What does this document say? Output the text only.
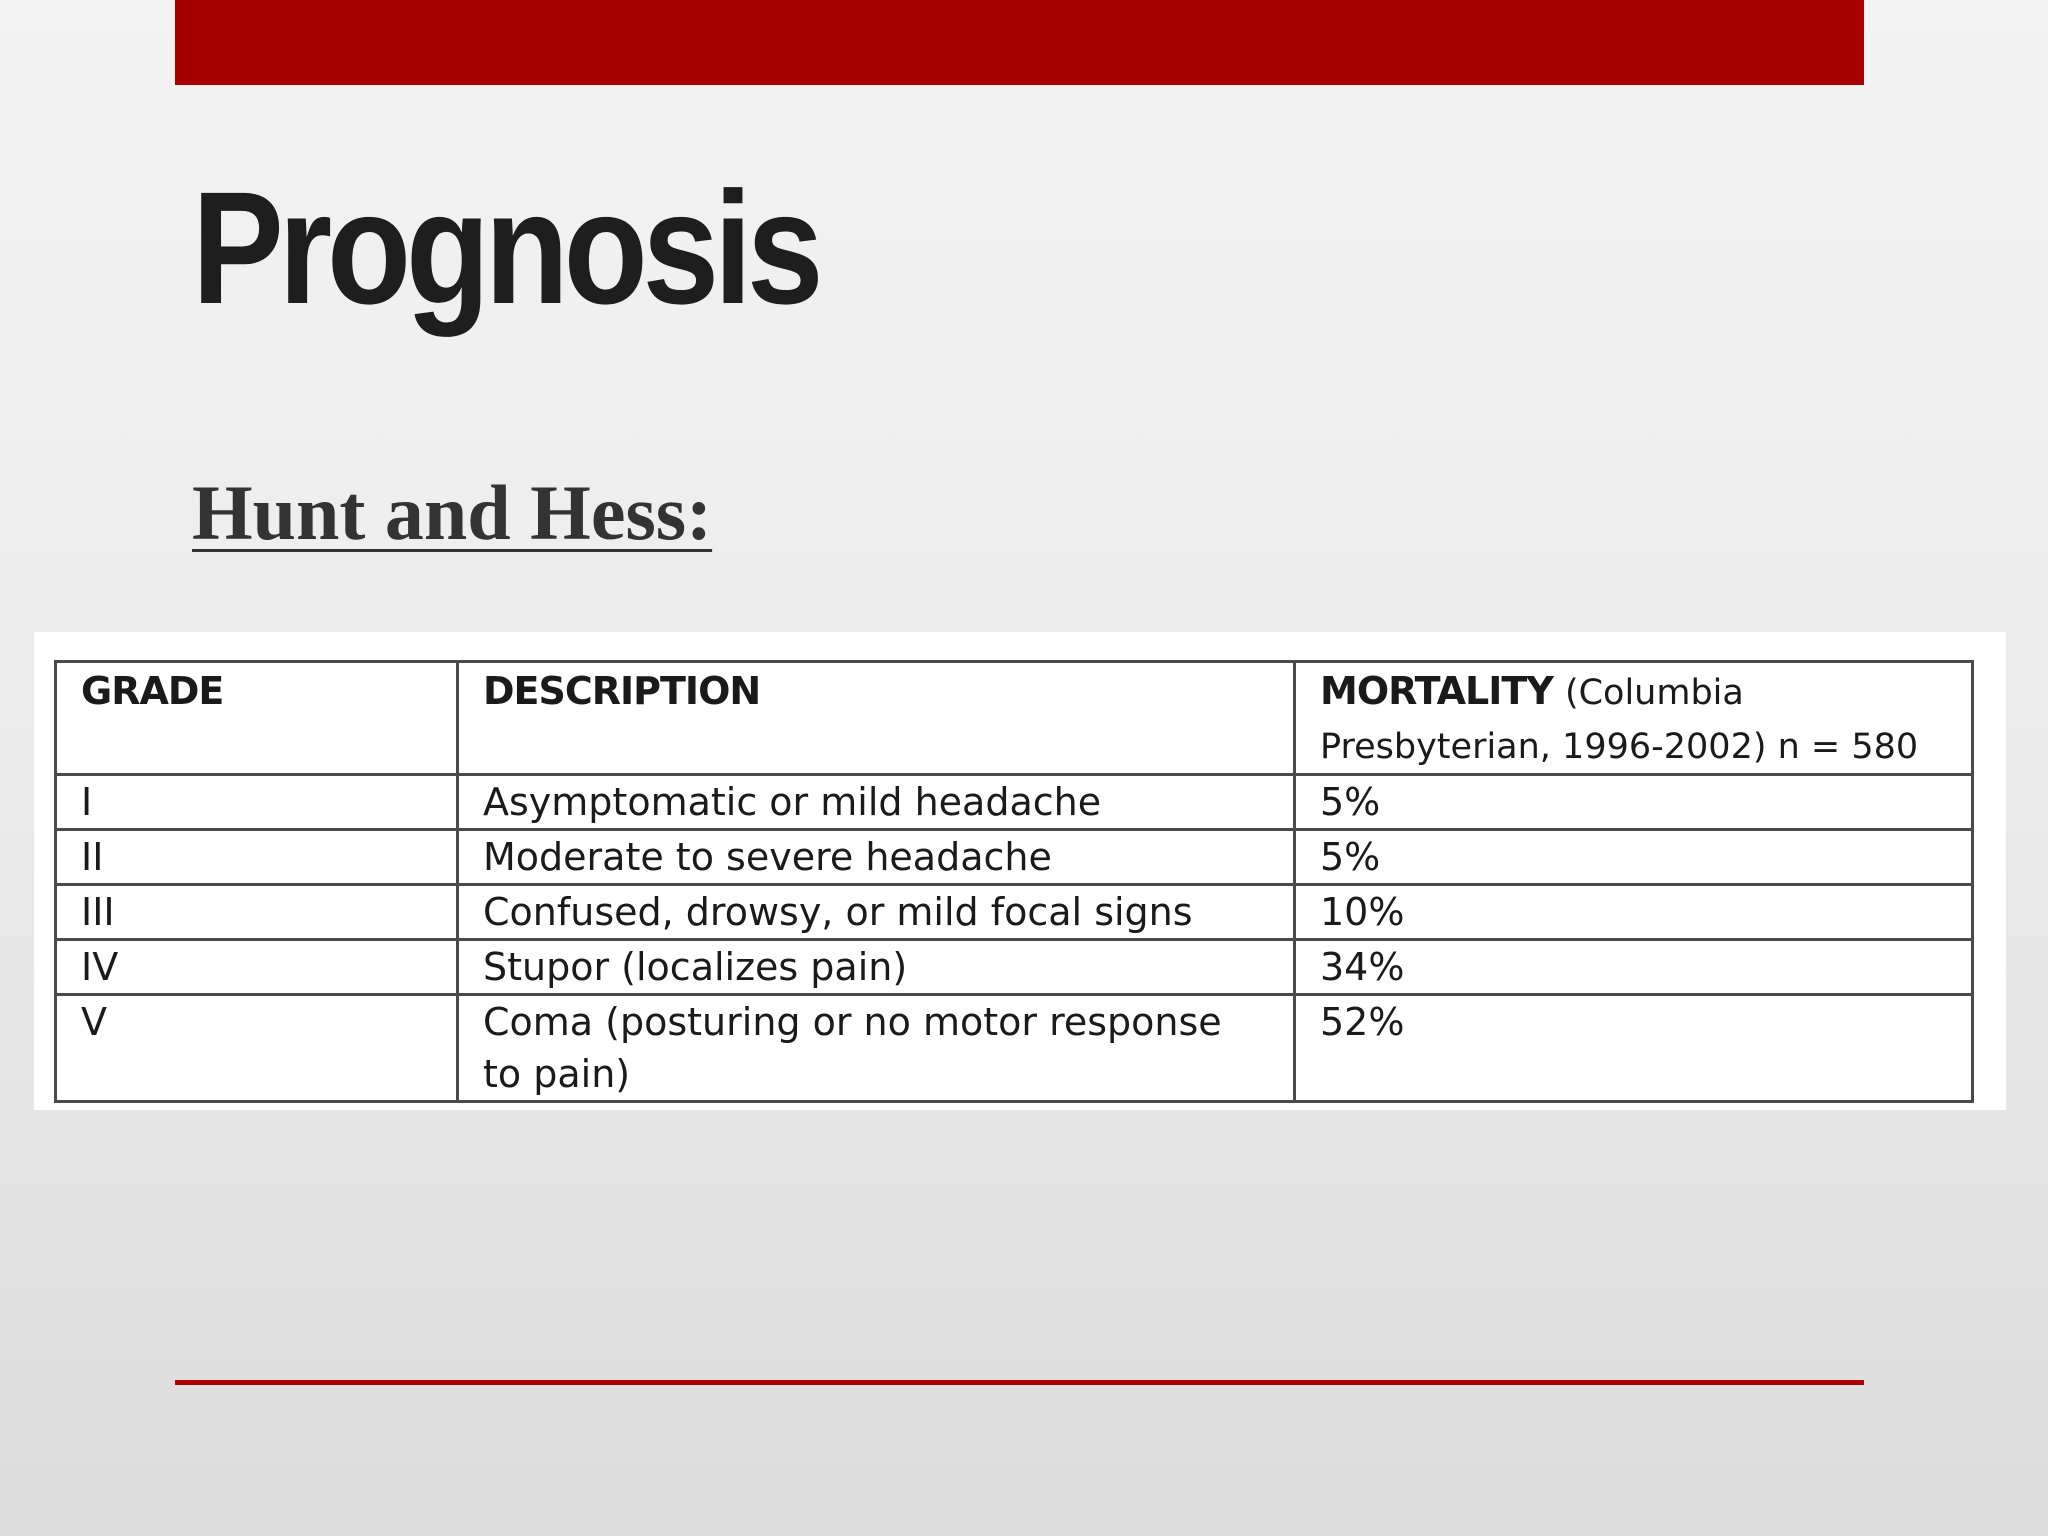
Prognosis
Hunt and Hess:
GRADE	DESCRIPTION	MORTALITY (Columbia Presbyterian, 1996-2002) n = 580
I	Asymptomatic or mild headache	5%
II	Moderate to severe headache	5%
III	Confused, drowsy, or mild focal signs	10%
IV	Stupor (localizes pain)	34%
V	Coma (posturing or no motor response to pain)	52%
